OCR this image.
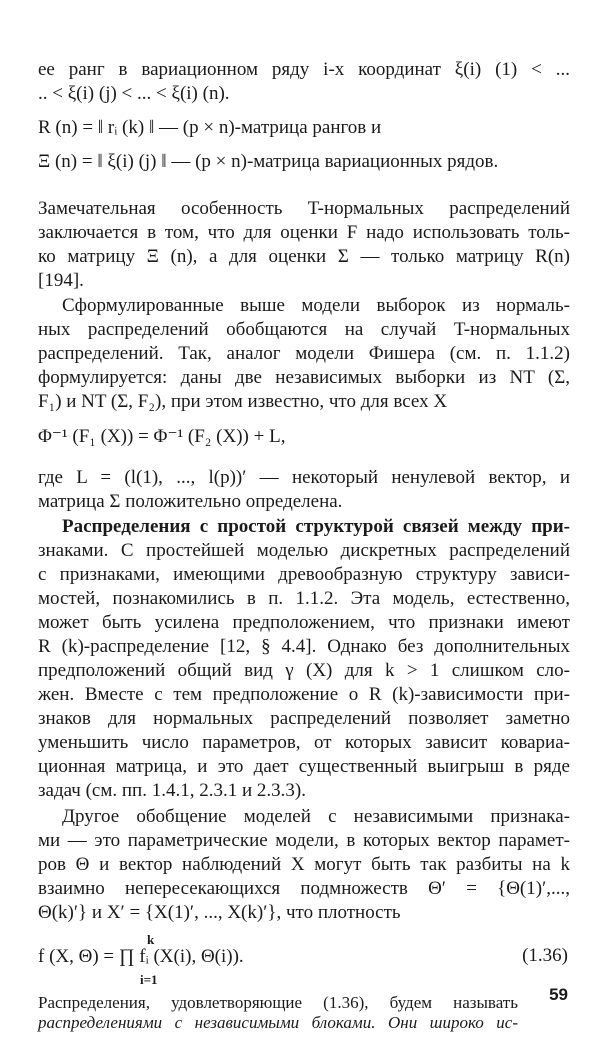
ее ранг в вариационном ряду i-х координат ξ(i) (1) < ...
.. < ξ(i) (j) < ... < ξ(i) (n).
R (n) = ‖ rᵢ (k) ‖ — (p × n)-матрица рангов и
Ξ (n) = ‖ ξ(i) (j) ‖ — (p × n)-матрица вариационных рядов.
Замечательная особенность T-нормальных распределений
заключается в том, что для оценки F надо использовать толь-
ко матрицу Ξ (n), а для оценки Σ — только матрицу R(n)
[194].
Сформулированные выше модели выборок из нормаль-
ных распределений обобщаются на случай T-нормальных
распределений. Так, аналог модели Фишера (см. п. 1.1.2)
формулируется: даны две независимых выборки из NT (Σ,
F₁) и NT (Σ, F₂), при этом известно, что для всех X
Φ⁻¹ (F₁ (X)) = Φ⁻¹ (F₂ (X)) + L,
где L = (l(1), ..., l(p))′ — некоторый ненулевой вектор, и
матрица Σ положительно определена.
Распределения с простой структурой связей между при-
знаками. С простейшей моделью дискретных распределений
с признаками, имеющими древообразную структуру зависи-
мостей, познакомились в п. 1.1.2. Эта модель, естественно,
может быть усилена предположением, что признаки имеют
R (k)-распределение [12, § 4.4]. Однако без дополнительных
предположений общий вид γ (X) для k > 1 слишком сло-
жен. Вместе с тем предположение о R (k)-зависимости при-
знаков для нормальных распределений позволяет заметно
уменьшить число параметров, от которых зависит ковариа-
ционная матрица, и это дает существенный выигрыш в ряде
задач (см. пп. 1.4.1, 2.3.1 и 2.3.3).
Другое обобщение моделей с независимыми признака-
ми — это параметрические модели, в которых вектор парамет-
ров Θ и вектор наблюдений X могут быть так разбиты на k
взаимно непересекающихся подмножеств Θ′ = {Θ(1)′,...,
Θ(k)′} и X′ = {X(1)′, ..., X(k)′}, что плотность
k
f (X, Θ) = ∏ fᵢ (X(i), Θ(i)).
i=1
(1.36)
Распределения, удовлетворяющие (1.36), будем называть
распределениями с независимыми блоками. Они широко ис-
59
